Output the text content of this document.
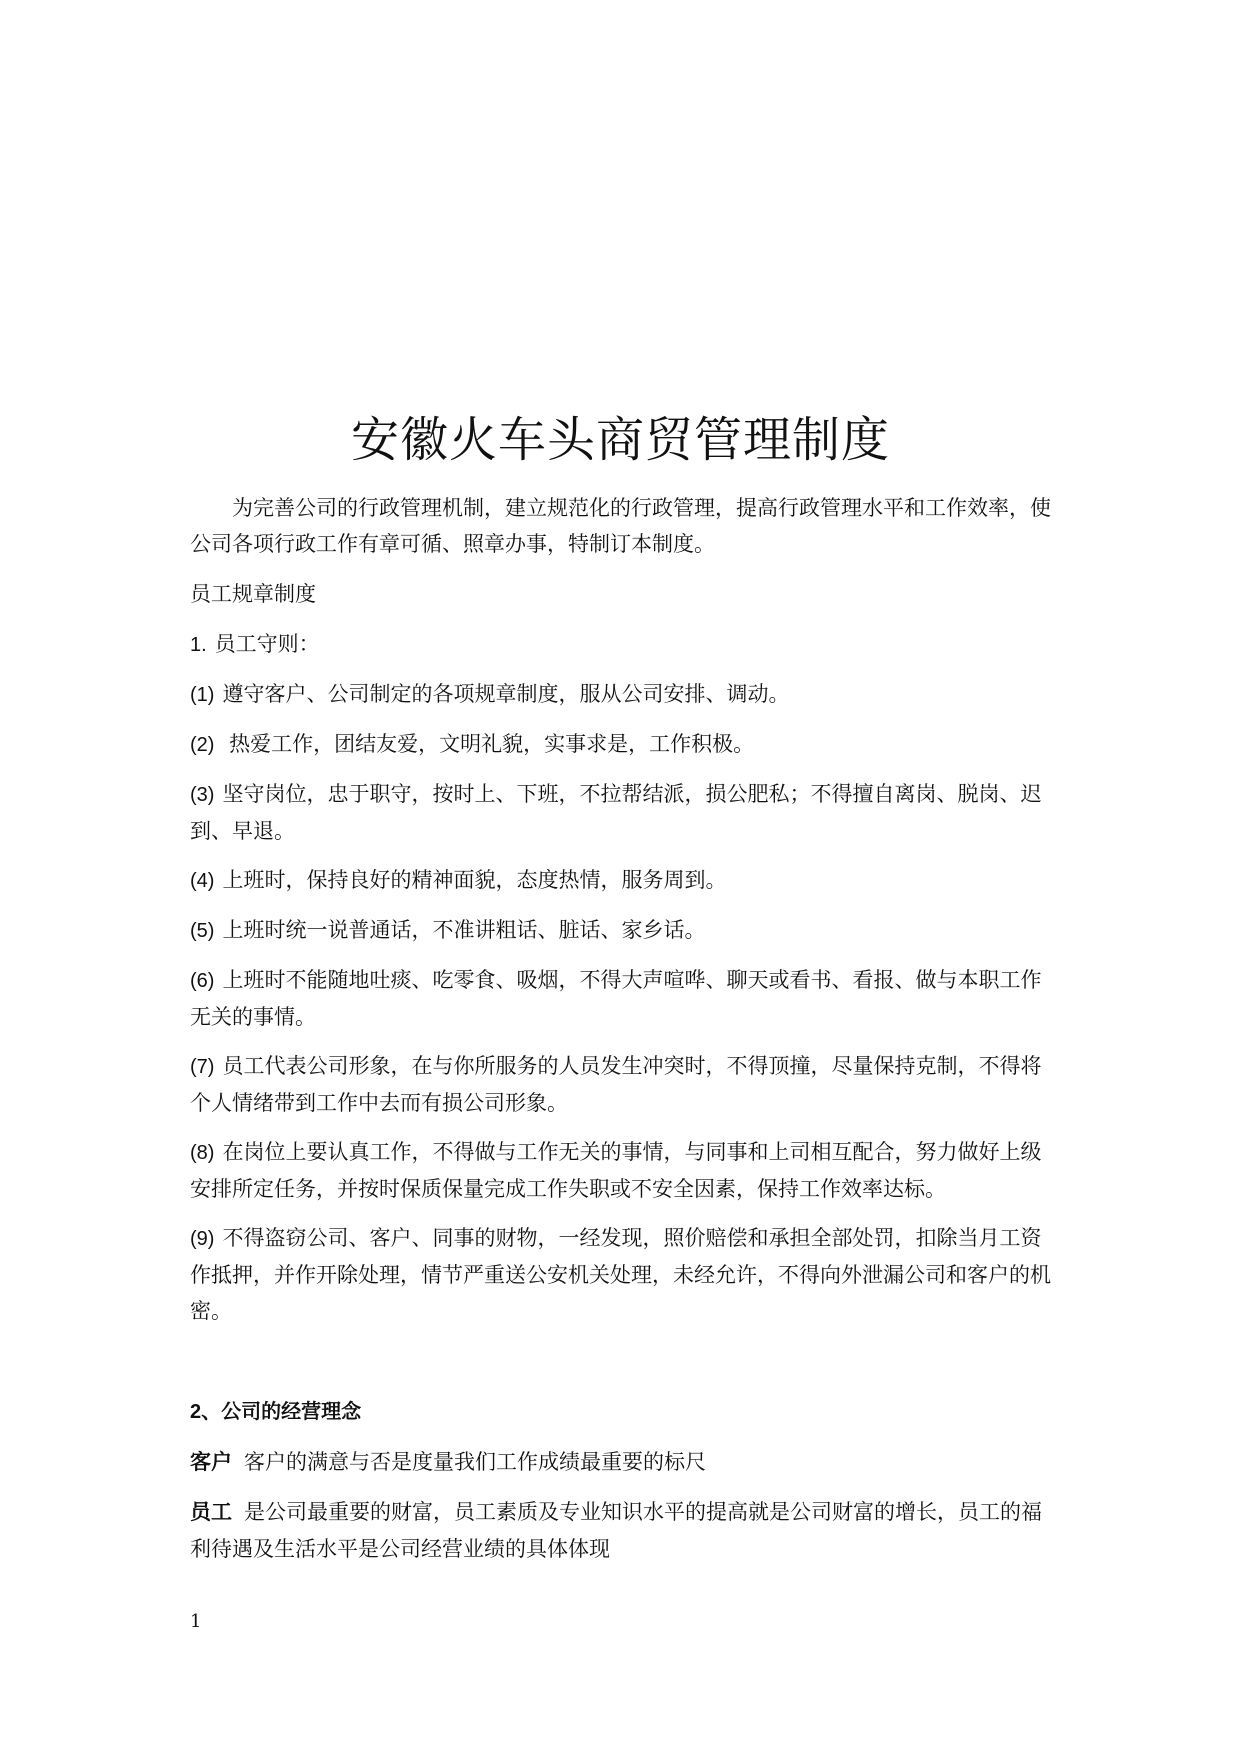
安徽火车头商贸管理制度
为完善公司的行政管理机制，建立规范化的行政管理，提高行政管理水平和工作效率，使公司各项行政工作有章可循、照章办事，特制订本制度。
员工规章制度
1. 员工守则：
(1) 遵守客户、公司制定的各项规章制度，服从公司安排、调动。
(2) 热爱工作，团结友爱，文明礼貌，实事求是，工作积极。
(3) 坚守岗位，忠于职守，按时上、下班，不拉帮结派，损公肥私；不得擅自离岗、脱岗、迟到、早退。
(4) 上班时，保持良好的精神面貌，态度热情，服务周到。
(5) 上班时统一说普通话，不准讲粗话、脏话、家乡话。
(6) 上班时不能随地吐痰、吃零食、吸烟，不得大声喧哗、聊天或看书、看报、做与本职工作无关的事情。
(7) 员工代表公司形象，在与你所服务的人员发生冲突时，不得顶撞，尽量保持克制，不得将个人情绪带到工作中去而有损公司形象。
(8) 在岗位上要认真工作，不得做与工作无关的事情，与同事和上司相互配合，努力做好上级安排所定任务，并按时保质保量完成工作失职或不安全因素，保持工作效率达标。
(9) 不得盗窃公司、客户、同事的财物，一经发现，照价赔偿和承担全部处罚，扣除当月工资作抵押，并作开除处理，情节严重送公安机关处理，未经允许，不得向外泄漏公司和客户的机密。
2、公司的经营理念
客户 客户的满意与否是度量我们工作成绩最重要的标尺
员工 是公司最重要的财富，员工素质及专业知识水平的提高就是公司财富的增长，员工的福利待遇及生活水平是公司经营业绩的具体体现
1
